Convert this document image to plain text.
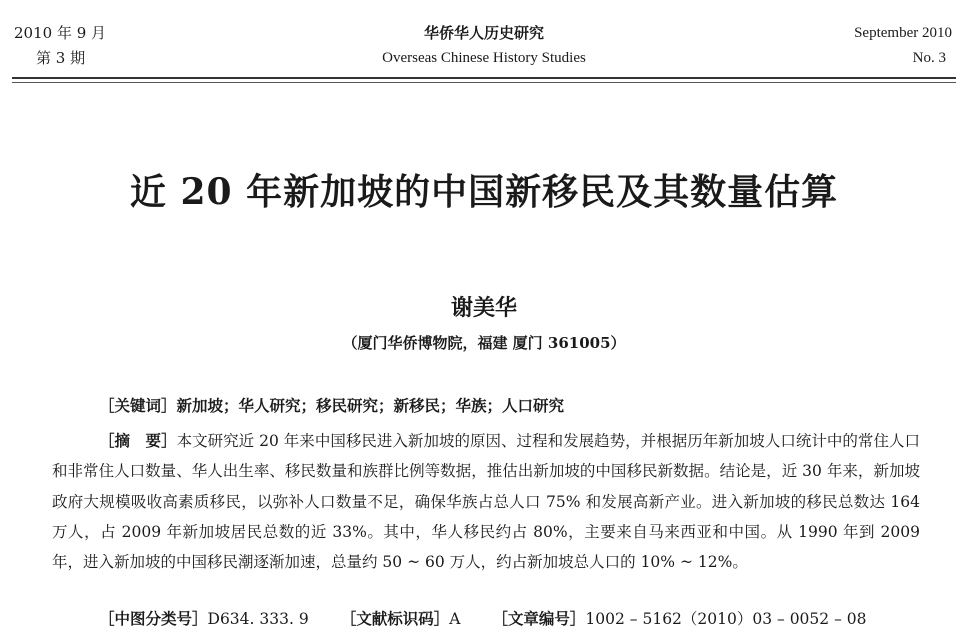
2010 年 9 月
第 3 期
华侨华人历史研究
Overseas Chinese History Studies
September 2010
No. 3
近 20 年新加坡的中国新移民及其数量估算
谢美华
（厦门华侨博物院，福建 厦门 361005）
［关键词］新加坡；华人研究；移民研究；新移民；华族；人口研究

［摘　要］本文研究近 20 年来中国移民进入新加坡的原因、过程和发展趋势，并根据历年新加坡人口统计中的常住人口和非常住人口数量、华人出生率、移民数量和族群比例等数据，推估出新加坡的中国移民新数据。结论是，近 30 年来，新加坡政府大规模吸收高素质移民，以弥补人口数量不足，确保华族占总人口 75% 和发展高新产业。进入新加坡的移民总数达 164 万人，占 2009 年新加坡居民总数的近 33%。其中，华人移民约占 80%，主要来自马来西亚和中国。从 1990 年到 2009 年，进入新加坡的中国移民潮逐渐加速，总量约 50 ~ 60 万人，约占新加坡总人口的 10% ~ 12%。

［中图分类号］D634. 333. 9 ［文献标识码］A ［文章编号］1002 – 5162（2010）03 – 0052 – 08
